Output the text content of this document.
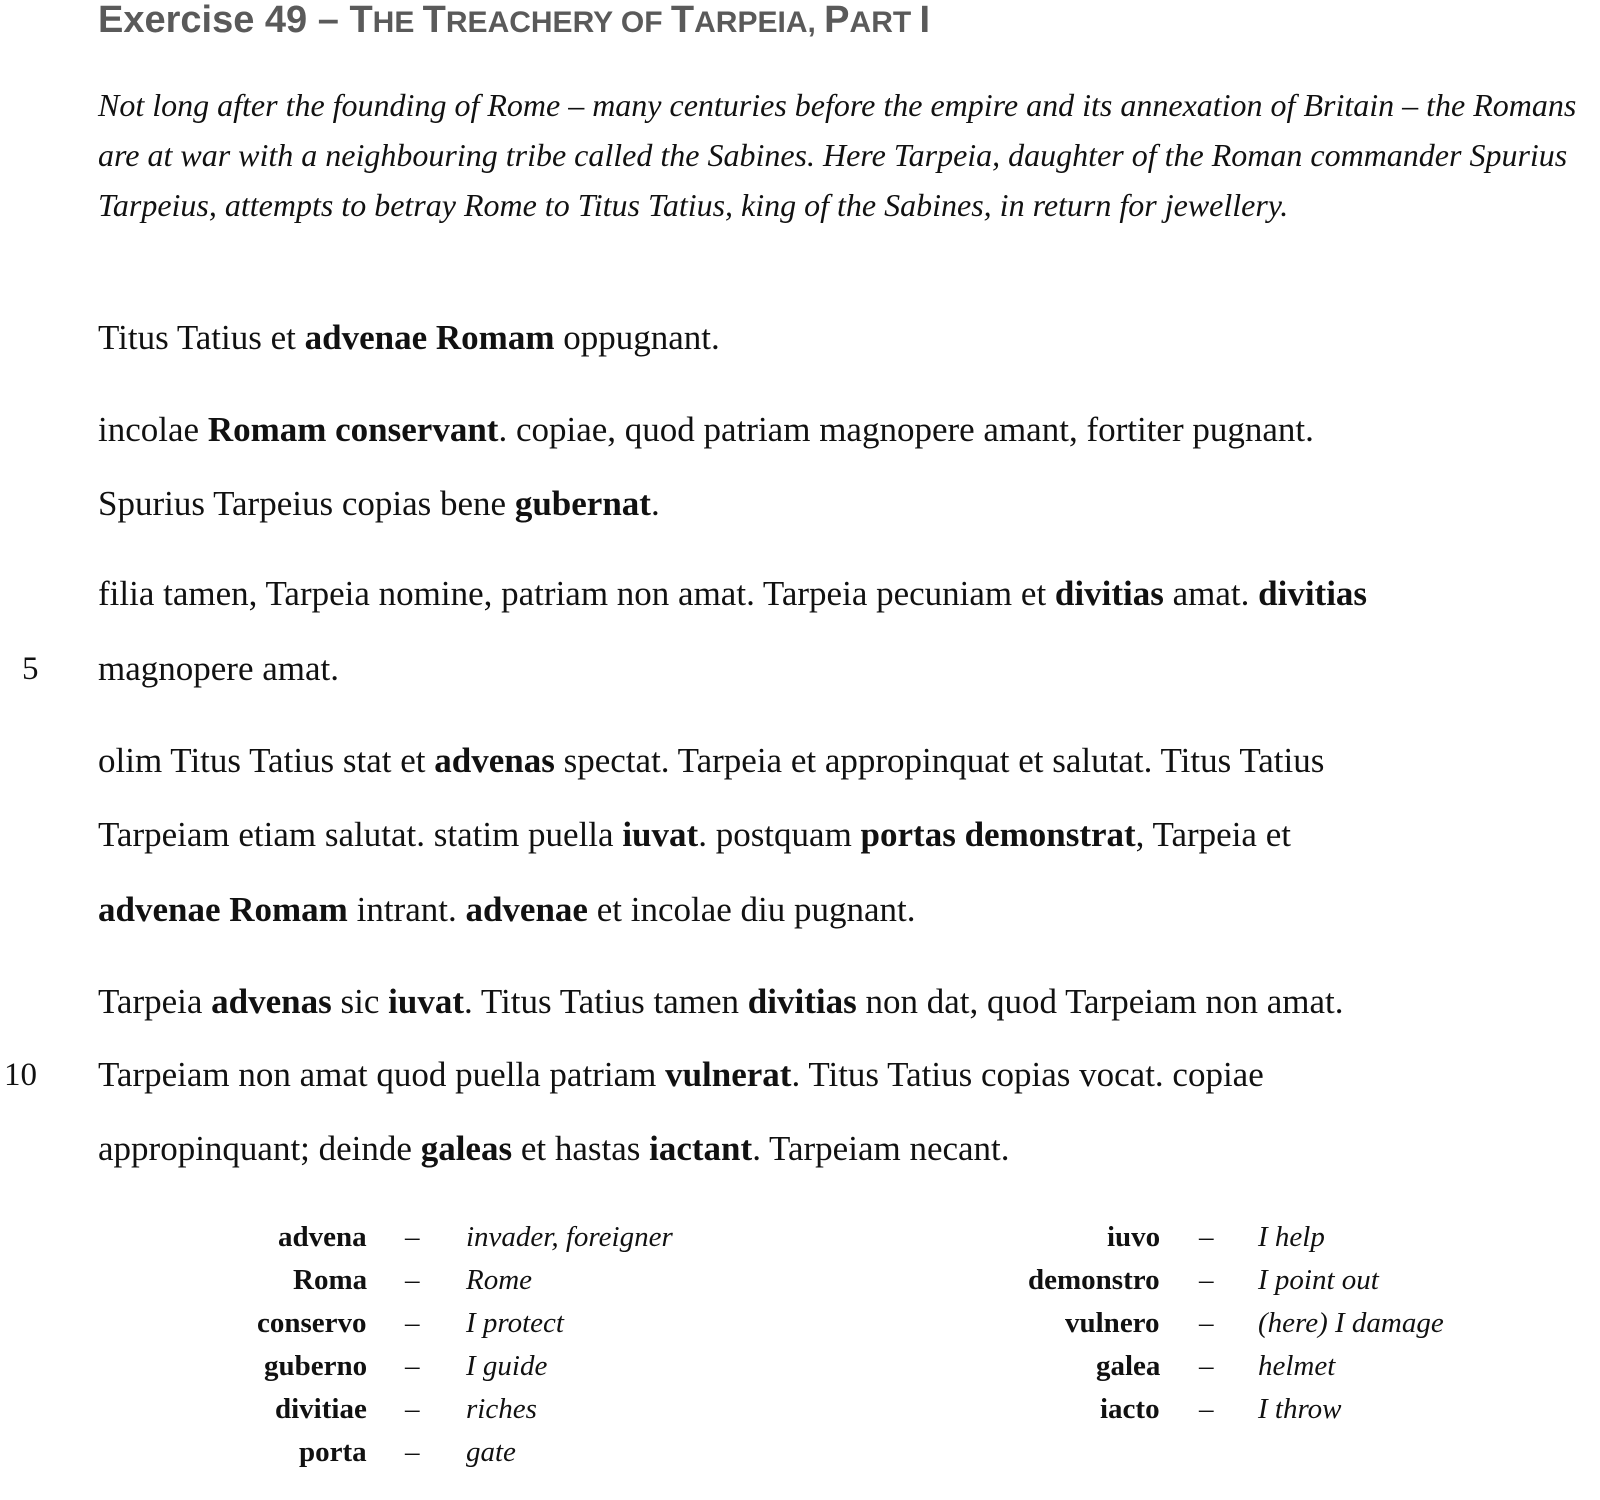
Exercise 49 – THE TREACHERY OF TARPEIA, PART I

Not long after the founding of Rome – many centuries before the empire and its annexation of Britain – the Romans are at war with a neighbouring tribe called the Sabines. Here Tarpeia, daughter of the Roman commander Spurius Tarpeius, attempts to betray Rome to Titus Tatius, king of the Sabines, in return for jewellery.

Titus Tatius et advenae Romam oppugnant.

incolae Romam conservant. copiae, quod patriam magnopere amant, fortiter pugnant.

Spurius Tarpeius copias bene gubernat.

filia tamen, Tarpeia nomine, patriam non amat. Tarpeia pecuniam et divitias amat. divitias

magnopere amat.

olim Titus Tatius stat et advenas spectat. Tarpeia et appropinquat et salutat. Titus Tatius

Tarpeiam etiam salutat. statim puella iuvat. postquam portas demonstrat, Tarpeia et

advenae Romam intrant. advenae et incolae diu pugnant.

Tarpeia advenas sic iuvat. Titus Tatius tamen divitias non dat, quod Tarpeiam non amat.

Tarpeiam non amat quod puella patriam vulnerat. Titus Tatius copias vocat. copiae

appropinquant; deinde galeas et hastas iactant. Tarpeiam necant.

5
10
advena – invader, foreigner
Roma – Rome
conservo – I protect
guberno – I guide
divitiae – riches
porta – gate
iuvo – I help
demonstro – I point out
vulnero – (here) I damage
galea – helmet
iacto – I throw
